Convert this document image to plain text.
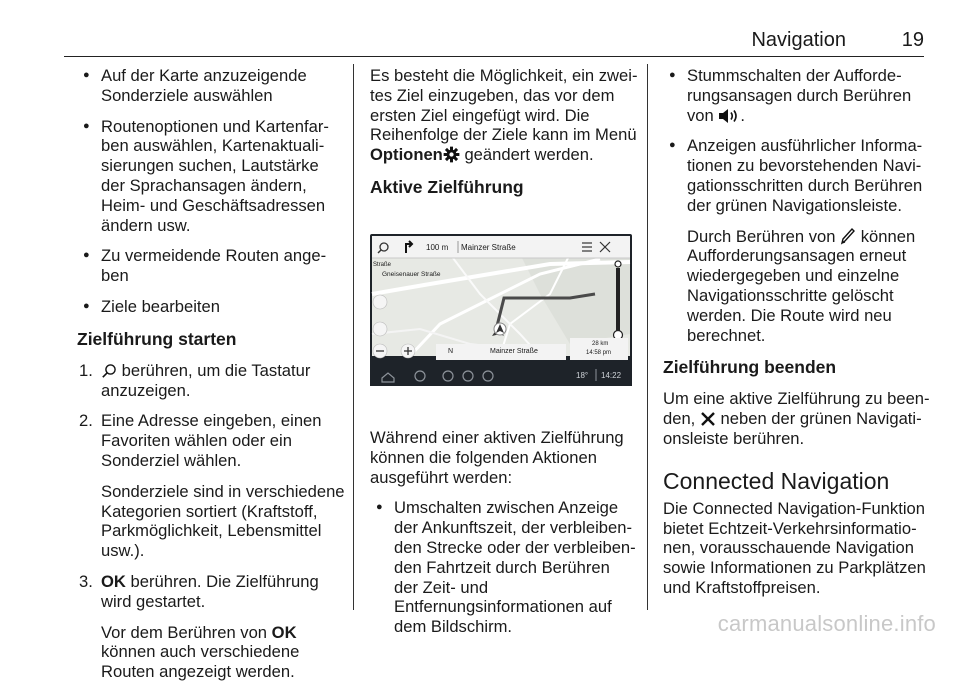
Navigation	19
● Auf der Karte anzuzeigende Sonderziele auswählen
● Routenoptionen und Kartenfarben auswählen, Kartenaktualisierungen suchen, Lautstärke der Sprachansagen ändern, Heim- und Geschäftsadressen ändern usw.
● Zu vermeidende Routen angeben
● Ziele bearbeiten
Zielführung starten
1.	berühren, um die Tastatur anzuzeigen.

2. Eine Adresse eingeben, einen Favoriten wählen oder ein Sonderziel wählen.

Sonderziele sind in verschiedene Kategorien sortiert (Kraftstoff, Parkmöglichkeit, Lebensmittel usw.).

3. OK berühren. Die Zielführung wird gestartet.

Vor dem Berühren von OK können auch verschiedene Routen angezeigt werden.

Es besteht die Möglichkeit, ein zweites Ziel einzugeben, das vor dem ersten Ziel eingefügt wird. Die Reihenfolge der Ziele kann im Menü Optionen geändert werden.

Aktive Zielführung
100 m Mainzer Straße
Straße
Gneisenauer Straße
N	Mainzer Straße
28 km
14:58 pm
18° 14:22

Während einer aktiven Zielführung können die folgenden Aktionen ausgeführt werden:

● Umschalten zwischen Anzeige der Ankunftszeit, der verbleibenden Strecke oder der verbleibenden Fahrtzeit durch Berühren der Zeit- und Entfernungsinformationen auf dem Bildschirm.
● Stummschalten der Aufforderungsansagen durch Berühren von .

● Anzeigen ausführlicher Informationen zu bevorstehenden Navigationsschritten durch Berühren der grünen Navigationsleiste.

Durch Berühren von  können Aufforderungsansagen erneut wiedergegeben und einzelne Navigationsschritte gelöscht werden. Die Route wird neu berechnet.

Zielführung beenden

Um eine aktive Zielführung zu beenden,  neben der grünen Navigationsleiste berühren.

Connected Navigation

Die Connected Navigation-Funktion bietet Echtzeit-Verkehrsinformationen, vorausschauende Navigation sowie Informationen zu Parkplätzen und Kraftstoffpreisen.

carmanualsonline.info
